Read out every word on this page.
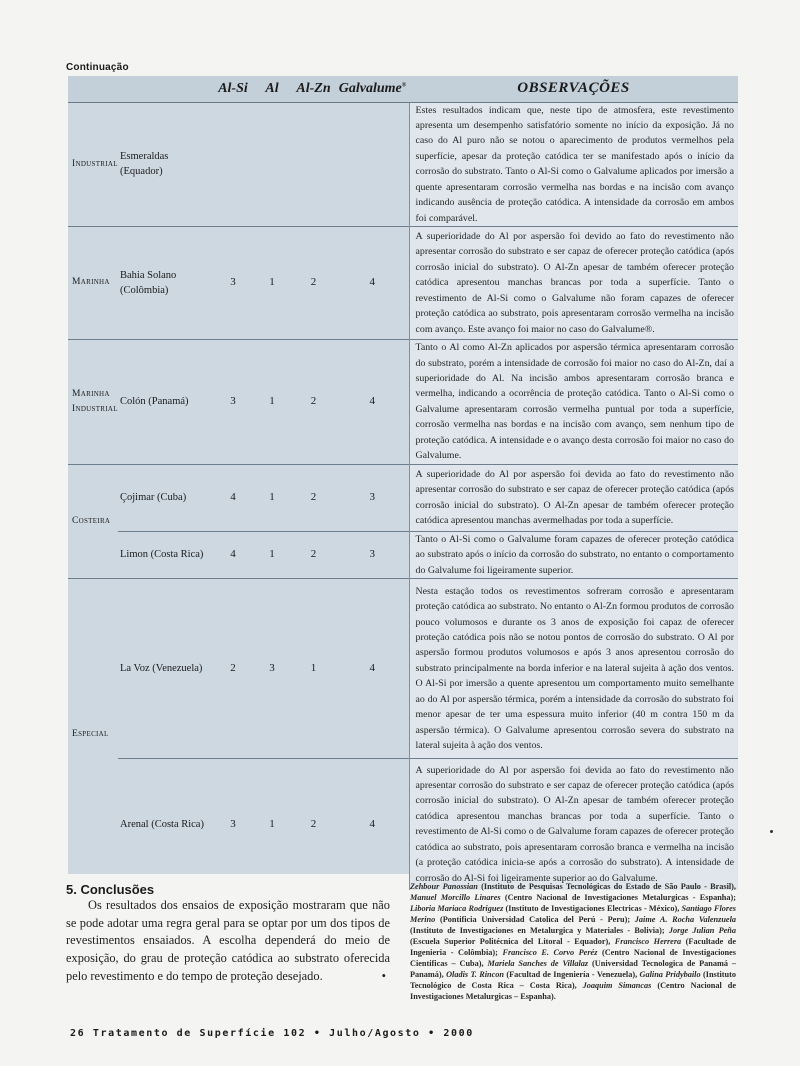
Continuação
		Al-Si	Al	Al-Zn	Galvalume®	OBSERVAÇÕES
Industrial	Esmeraldas (Equador)					Estes resultados indicam que, neste tipo de atmosfera, este revestimento apresenta um desempenho satisfatório somente no início da exposição. Já no caso do Al puro não se notou o aparecimento de produtos vermelhos pela superfície, apesar da proteção catódica ter se manifestado após o início da corrosão do substrato. Tanto o Al-Si como o Galvalume aplicados por imersão a quente apresentaram corrosão vermelha nas bordas e na incisão com avanço indicando ausência de proteção catódica. A intensidade da corrosão em ambos foi comparável.
Marinha	Bahia Solano (Colômbia)	3	1	2	4	A superioridade do Al por aspersão foi devido ao fato do revestimento não apresentar corrosão do substrato e ser capaz de oferecer proteção catódica (após corrosão inicial do substrato). O Al-Zn apesar de também oferecer proteção catódica apresentou manchas brancas por toda a superfície. Tanto o revestimento de Al-Si como o Galvalume não foram capazes de oferecer proteção catódica ao substrato, pois apresentaram corrosão vermelha na incisão com avanço. Este avanço foi maior no caso do Galvalume®.
Marinha Industrial	Colón (Panamá)	3	1	2	4	Tanto o Al como Al-Zn aplicados por aspersão térmica apresentaram corrosão do substrato, porém a intensidade de corrosão foi maior no caso do Al-Zn, daí a superioridade do Al. Na incisão ambos apresentaram corrosão branca e vermelha, indicando a ocorrência de proteção catódica. Tanto o Al-Si como o Galvalume apresentaram corrosão vermelha puntual por toda a superfície, corrosão vermelha nas bordas e na incisão com avanço, sem nenhum tipo de proteção catódica. A intensidade e o avanço desta corrosão foi maior no caso do Galvalume.
Costeira	Çojimar (Cuba)	4	1	2	3	A superioridade do Al por aspersão foi devida ao fato do revestimento não apresentar corrosão do substrato e ser capaz de oferecer proteção catódica (após corrosão inicial do substrato). O Al-Zn apesar de também oferecer proteção catódica apresentou manchas avermelhadas por toda a superfície.
	Limon (Costa Rica)	4	1	2	3	Tanto o Al-Si como o Galvalume foram capazes de oferecer proteção catódica ao substrato após o início da corrosão do substrato, no entanto o comportamento do Galvalume foi ligeiramente superior.
Especial	La Voz (Venezuela)	2	3	1	4	Nesta estação todos os revestimentos sofreram corrosão e apresentaram proteção catódica ao substrato. No entanto o Al-Zn formou produtos de corrosão pouco volumosos e durante os 3 anos de exposição foi capaz de oferecer proteção catódica pois não se notou pontos de corrosão do substrato. O Al por aspersão formou produtos volumosos e após 3 anos apresentou corrosão do substrato principalmente na borda inferior e na lateral sujeita à ação dos ventos. O Al-Si por imersão a quente apresentou um comportamento muito semelhante ao do Al por aspersão térmica, porém a intensidade da corrosão do substrato foi menor apesar de ter uma espessura muito inferior (40 m contra 150 m da aspersão térmica). O Galvalume apresentou corrosão severa do substrato na lateral sujeita à ação dos ventos.
	Arenal (Costa Rica)	3	1	2	4	A superioridade do Al por aspersão foi devida ao fato do revestimento não apresentar corrosão do substrato e ser capaz de oferecer proteção catódica (após corrosão inicial do substrato). O Al-Zn apesar de também oferecer proteção catódica apresentou manchas brancas por toda a superfície. Tanto o revestimento de Al-Si como o de Galvalume foram capazes de oferecer proteção catódica ao substrato, pois apresentaram corrosão branca e vermelha na incisão (a proteção catódica inicia-se após a corrosão do substrato). A intensidade de corrosão do Al-Si foi ligeiramente superior ao do Galvalume.
5. Conclusões

Os resultados dos ensaios de exposição mostraram que não se pode adotar uma regra geral para se optar por um dos tipos de revestimentos ensaiados. A escolha dependerá do meio de exposição, do grau de proteção catódica ao substrato oferecida pelo revestimento e do tempo de proteção desejado.	•

Zehbour Panossian (Instituto de Pesquisas Tecnológicas do Estado de São Paulo - Brasil), Manuel Morcillo Linares (Centro Nacional de Investigaciones Metalurgicas - Espanha); Liboria Mariaca Rodriguez (Instituto de Investigaciones Electricas - México), Santiago Flores Merino (Pontificia Universidad Catolica del Perú - Peru); Jaime A. Rocha Valenzuela (Instituto de Investigaciones en Metalurgica y Materiales - Bolivia); Jorge Julian Peña (Escuela Superior Politécnica del Litoral - Equador), Francisco Herrera (Facultade de Ingenieria - Colômbia); Francisco E. Corvo Peréz (Centro Nacional de Investigaciones Cientificas – Cuba), Mariela Sanches de Villalaz (Universidad Tecnologica de Panamá – Panamá), Oladis T. Rincon (Facultad de Ingeniería - Venezuela), Galina Pridybailo (Instituto Tecnológico de Costa Rica – Costa Rica), Joaquim Simancas (Centro Nacional de Investigaciones Metalurgicas – Espanha).
26 Tratamento de Superfície 102 • Julho/Agosto • 2000
